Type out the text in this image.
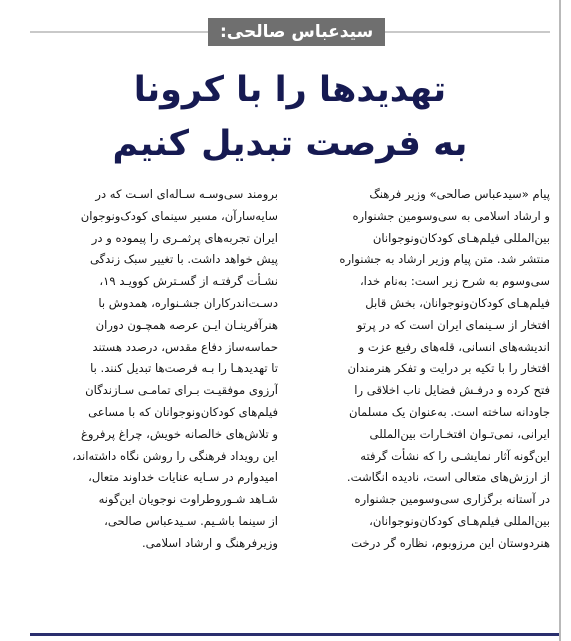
سیدعباس صالحی:
تهدیدها را با کرونا
به فرصت تبدیل کنیم
پیام «سیدعباس صالحی» وزیر فرهنگ
و ارشاد اسلامی به سی‌وسومین جشنواره
بین‌المللی فیلم‌هـای کودکان‌ونوجوانان
منتشر شد. متن پیام وزیر ارشاد به جشنواره
سی‌وسوم به شرح زیر است: به‌نام خدا،
فیلم‌هـای کودکان‌ونوجوانان، بخش قابل
افتخار از سـینمای ایران است که در پرتو
اندیشه‌های انسانی، قله‌های رفیع عزت و
افتخار را با تکیه بر درایت و تفکر هنرمندان
فتح کرده و درفـش فضایل ناب اخلاقی را
جاودانه ساخته است. به‌عنوان یک مسلمان
ایرانی، نمی‌تـوان افتخـارات بین‌المللی
این‌گونه آثار نمایشـی را که نشأت گرفته
از ارزش‌های متعالی است، نادیده انگاشت.
در آستانه برگزاری سی‌وسومین جشنواره
بین‌المللی فیلم‌هـای کودکان‌ونوجوانان،
هنردوستان این مرزوبوم، نظاره گر درخت
برومند سی‌وسـه سـاله‌ای اسـت که در
سایه‌سارآن، مسیر سینمای کودک‌ونوجوان
ایران تجربه‌های پرثمـری را پیموده و در
پیش خواهد داشت. با تغییر سبک زندگی
نشـأت گرفتـه از گسـترش کوویـد ۱۹،
دسـت‌اندرکاران جشـنواره، همدوش با
هنرآفرینـان ایـن عرصه همچـون دوران
حماسه‌ساز دفاع مقدس، درصدد هستند
تا تهدیدهـا را بـه فرصت‌ها تبدیل کنند. با
آرزوی موفقیـت بـرای تمامـی سـازندگان
فیلم‌های کودکان‌ونوجوانان که با مساعی
و تلاش‌های خالصانه خویش، چراغ پرفروغ
این رویداد فرهنگی را روشن نگاه داشته‌اند،
امیدوارم در سـایه عنایات خداوند متعال،
شـاهد شـوروطراوت نوجویان این‌گونه
از سینما باشـیم. سـیدعباس صالحی،
وزیرفرهنگ و ارشاد اسلامی.
